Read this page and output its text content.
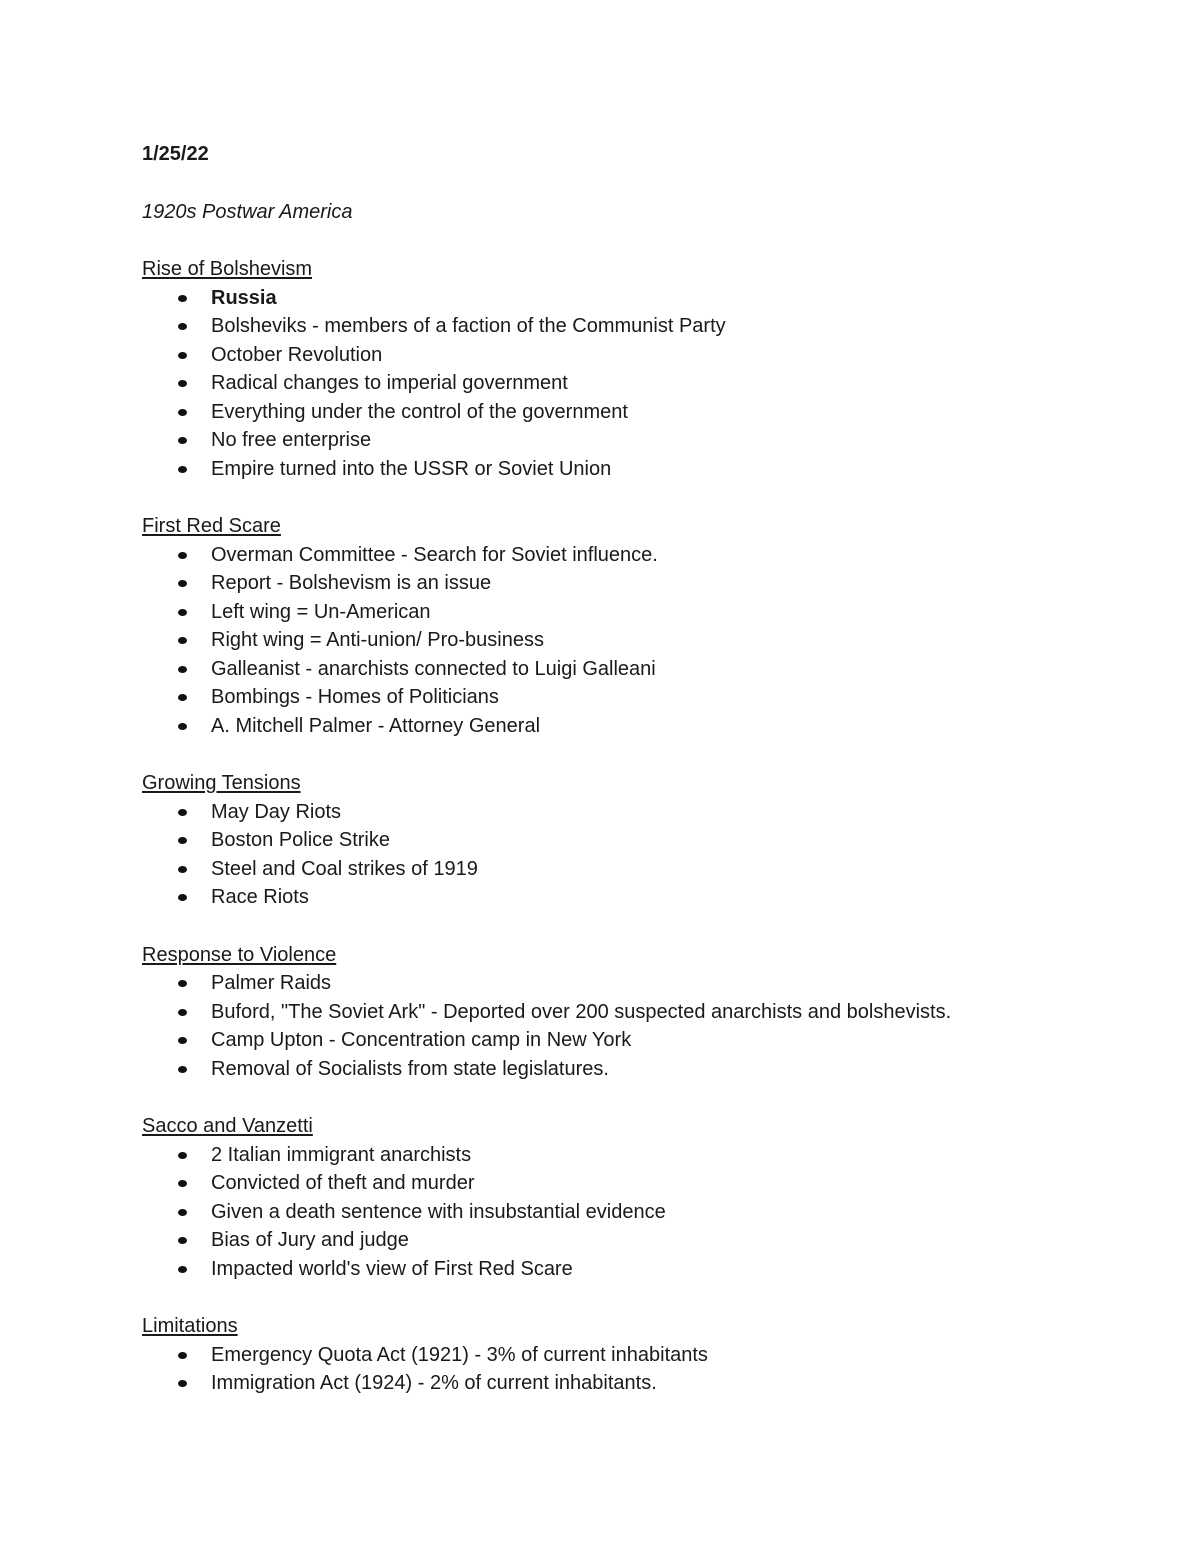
1/25/22

1920s Postwar America

Rise of Bolshevism

Russia
Bolsheviks - members of a faction of the Communist Party
October Revolution
Radical changes to imperial government
Everything under the control of the government
No free enterprise
Empire turned into the USSR or Soviet Union

First Red Scare

Overman Committee - Search for Soviet influence.
Report - Bolshevism is an issue
Left wing = Un-American
Right wing = Anti-union/ Pro-business
Galleanist - anarchists connected to Luigi Galleani
Bombings - Homes of Politicians
A. Mitchell Palmer - Attorney General

Growing Tensions

May Day Riots
Boston Police Strike
Steel and Coal strikes of 1919
Race Riots

Response to Violence

Palmer Raids
Buford, "The Soviet Ark" - Deported over 200 suspected anarchists and bolshevists.
Camp Upton - Concentration camp in New York
Removal of Socialists from state legislatures.

Sacco and Vanzetti

2 Italian immigrant anarchists
Convicted of theft and murder
Given a death sentence with insubstantial evidence
Bias of Jury and judge
Impacted world's view of First Red Scare

Limitations

Emergency Quota Act (1921) - 3% of current inhabitants
Immigration Act (1924) - 2% of current inhabitants.
